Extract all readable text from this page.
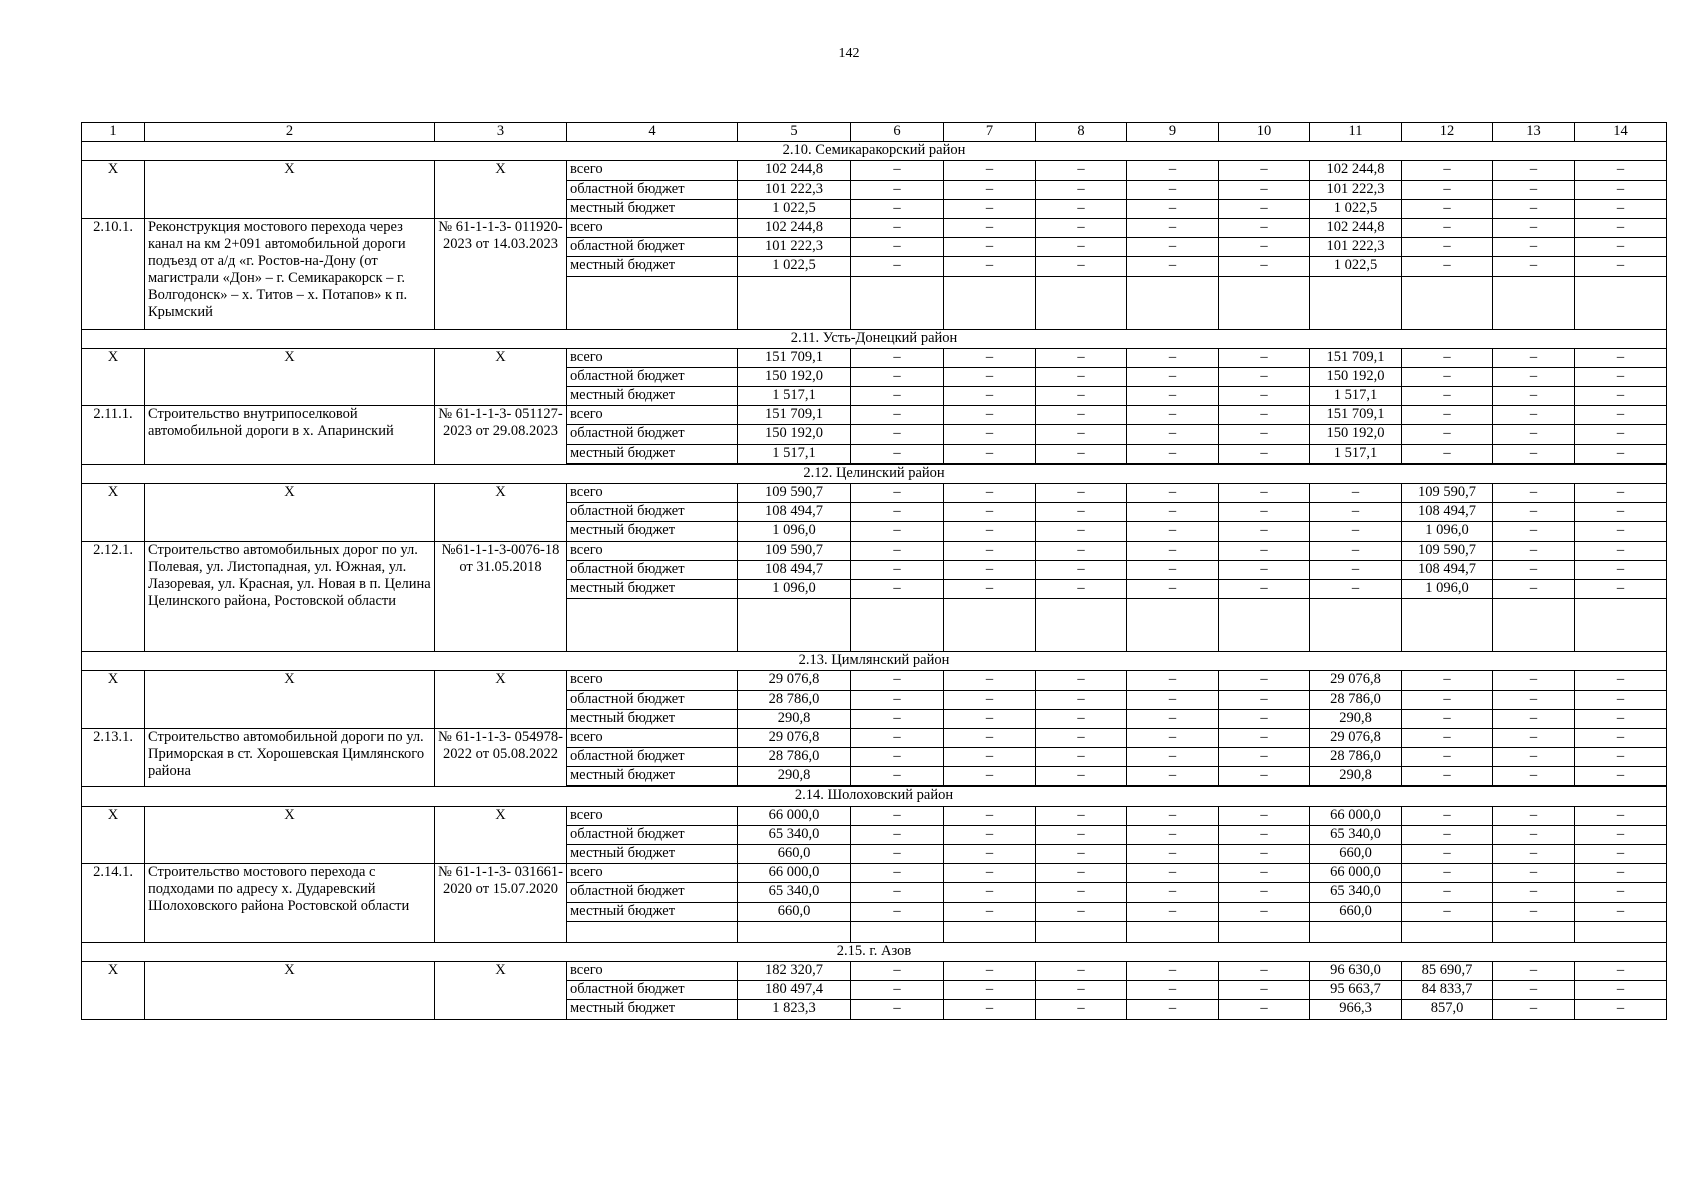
142
1	2	3	4	5	6	7	8	9	10	11	12	13	14
2.10. Семикаракорский район													
X	X	X	всего	102 244,8	–	–	–	–	–	102 244,8	–	–	–
			областной бюджет	101 222,3	–	–	–	–	–	101 222,3	–	–	–
			местный бюджет	1 022,5	–	–	–	–	–	1 022,5	–	–	–
2.10.1.	Реконструкция мостового перехода через канал на км 2+091 автомобильной дороги подъезд от а/д «г. Ростов-на-Дону (от магистрали «Дон» – г. Семикаракорск – г. Волгодонск» – х. Титов – х. Потапов» к п. Крымский	№ 61-1-1-3- 011920-2023 от 14.03.2023	всего	102 244,8	–	–	–	–	–	102 244,8	–	–	–
			областной бюджет	101 222,3	–	–	–	–	–	101 222,3	–	–	–
			местный бюджет	1 022,5	–	–	–	–	–	1 022,5	–	–	–

2.11. Усть-Донецкий район													
X	X	X	всего	151 709,1	–	–	–	–	–	151 709,1	–	–	–
			областной бюджет	150 192,0	–	–	–	–	–	150 192,0	–	–	–
			местный бюджет	1 517,1	–	–	–	–	–	1 517,1	–	–	–
2.11.1.	Строительство внутрипоселковой автомобильной дороги в х. Апаринский	№ 61-1-1-3- 051127-2023 от 29.08.2023	всего	151 709,1	–	–	–	–	–	151 709,1	–	–	–
			областной бюджет	150 192,0	–	–	–	–	–	150 192,0	–	–	–
			местный бюджет	1 517,1	–	–	–	–	–	1 517,1	–	–	–

2.12. Целинский район													
X	X	X	всего	109 590,7	–	–	–	–	–	–	109 590,7	–	–
			областной бюджет	108 494,7	–	–	–	–	–	–	108 494,7	–	–
			местный бюджет	1 096,0	–	–	–	–	–	–	1 096,0	–	–
2.12.1.	Строительство автомобильных дорог по ул. Полевая, ул. Листопадная, ул. Южная, ул. Лазоревая, ул. Красная, ул. Новая в п. Целина Целинского района, Ростовской области	№61-1-1-3-0076-18 от 31.05.2018	всего	109 590,7	–	–	–	–	–	–	109 590,7	–	–
			областной бюджет	108 494,7	–	–	–	–	–	–	108 494,7	–	–
			местный бюджет	1 096,0	–	–	–	–	–	–	1 096,0	–	–

2.13. Цимлянский район													
X	X	X	всего	29 076,8	–	–	–	–	–	29 076,8	–	–	–
			областной бюджет	28 786,0	–	–	–	–	–	28 786,0	–	–	–
			местный бюджет	290,8	–	–	–	–	–	290,8	–	–	–
2.13.1.	Строительство автомобильной дороги по ул. Приморская в ст. Хорошевская Цимлянского района	№ 61-1-1-3- 054978-2022 от 05.08.2022	всего	29 076,8	–	–	–	–	–	29 076,8	–	–	–
			областной бюджет	28 786,0	–	–	–	–	–	28 786,0	–	–	–
			местный бюджет	290,8	–	–	–	–	–	290,8	–	–	–

2.14. Шолоховский район													
X	X	X	всего	66 000,0	–	–	–	–	–	66 000,0	–	–	–
			областной бюджет	65 340,0	–	–	–	–	–	65 340,0	–	–	–
			местный бюджет	660,0	–	–	–	–	–	660,0	–	–	–
2.14.1.	Строительство мостового перехода с подходами по адресу х. Дударевский Шолоховского района Ростовской области	№ 61-1-1-3- 031661-2020 от 15.07.2020	всего	66 000,0	–	–	–	–	–	66 000,0	–	–	–
			областной бюджет	65 340,0	–	–	–	–	–	65 340,0	–	–	–
			местный бюджет	660,0	–	–	–	–	–	660,0	–	–	–

2.15. г. Азов													
X	X	X	всего	182 320,7	–	–	–	–	–	96 630,0	85 690,7	–	–
			областной бюджет	180 497,4	–	–	–	–	–	95 663,7	84 833,7	–	–
			местный бюджет	1 823,3	–	–	–	–	–	966,3	857,0	–	–
